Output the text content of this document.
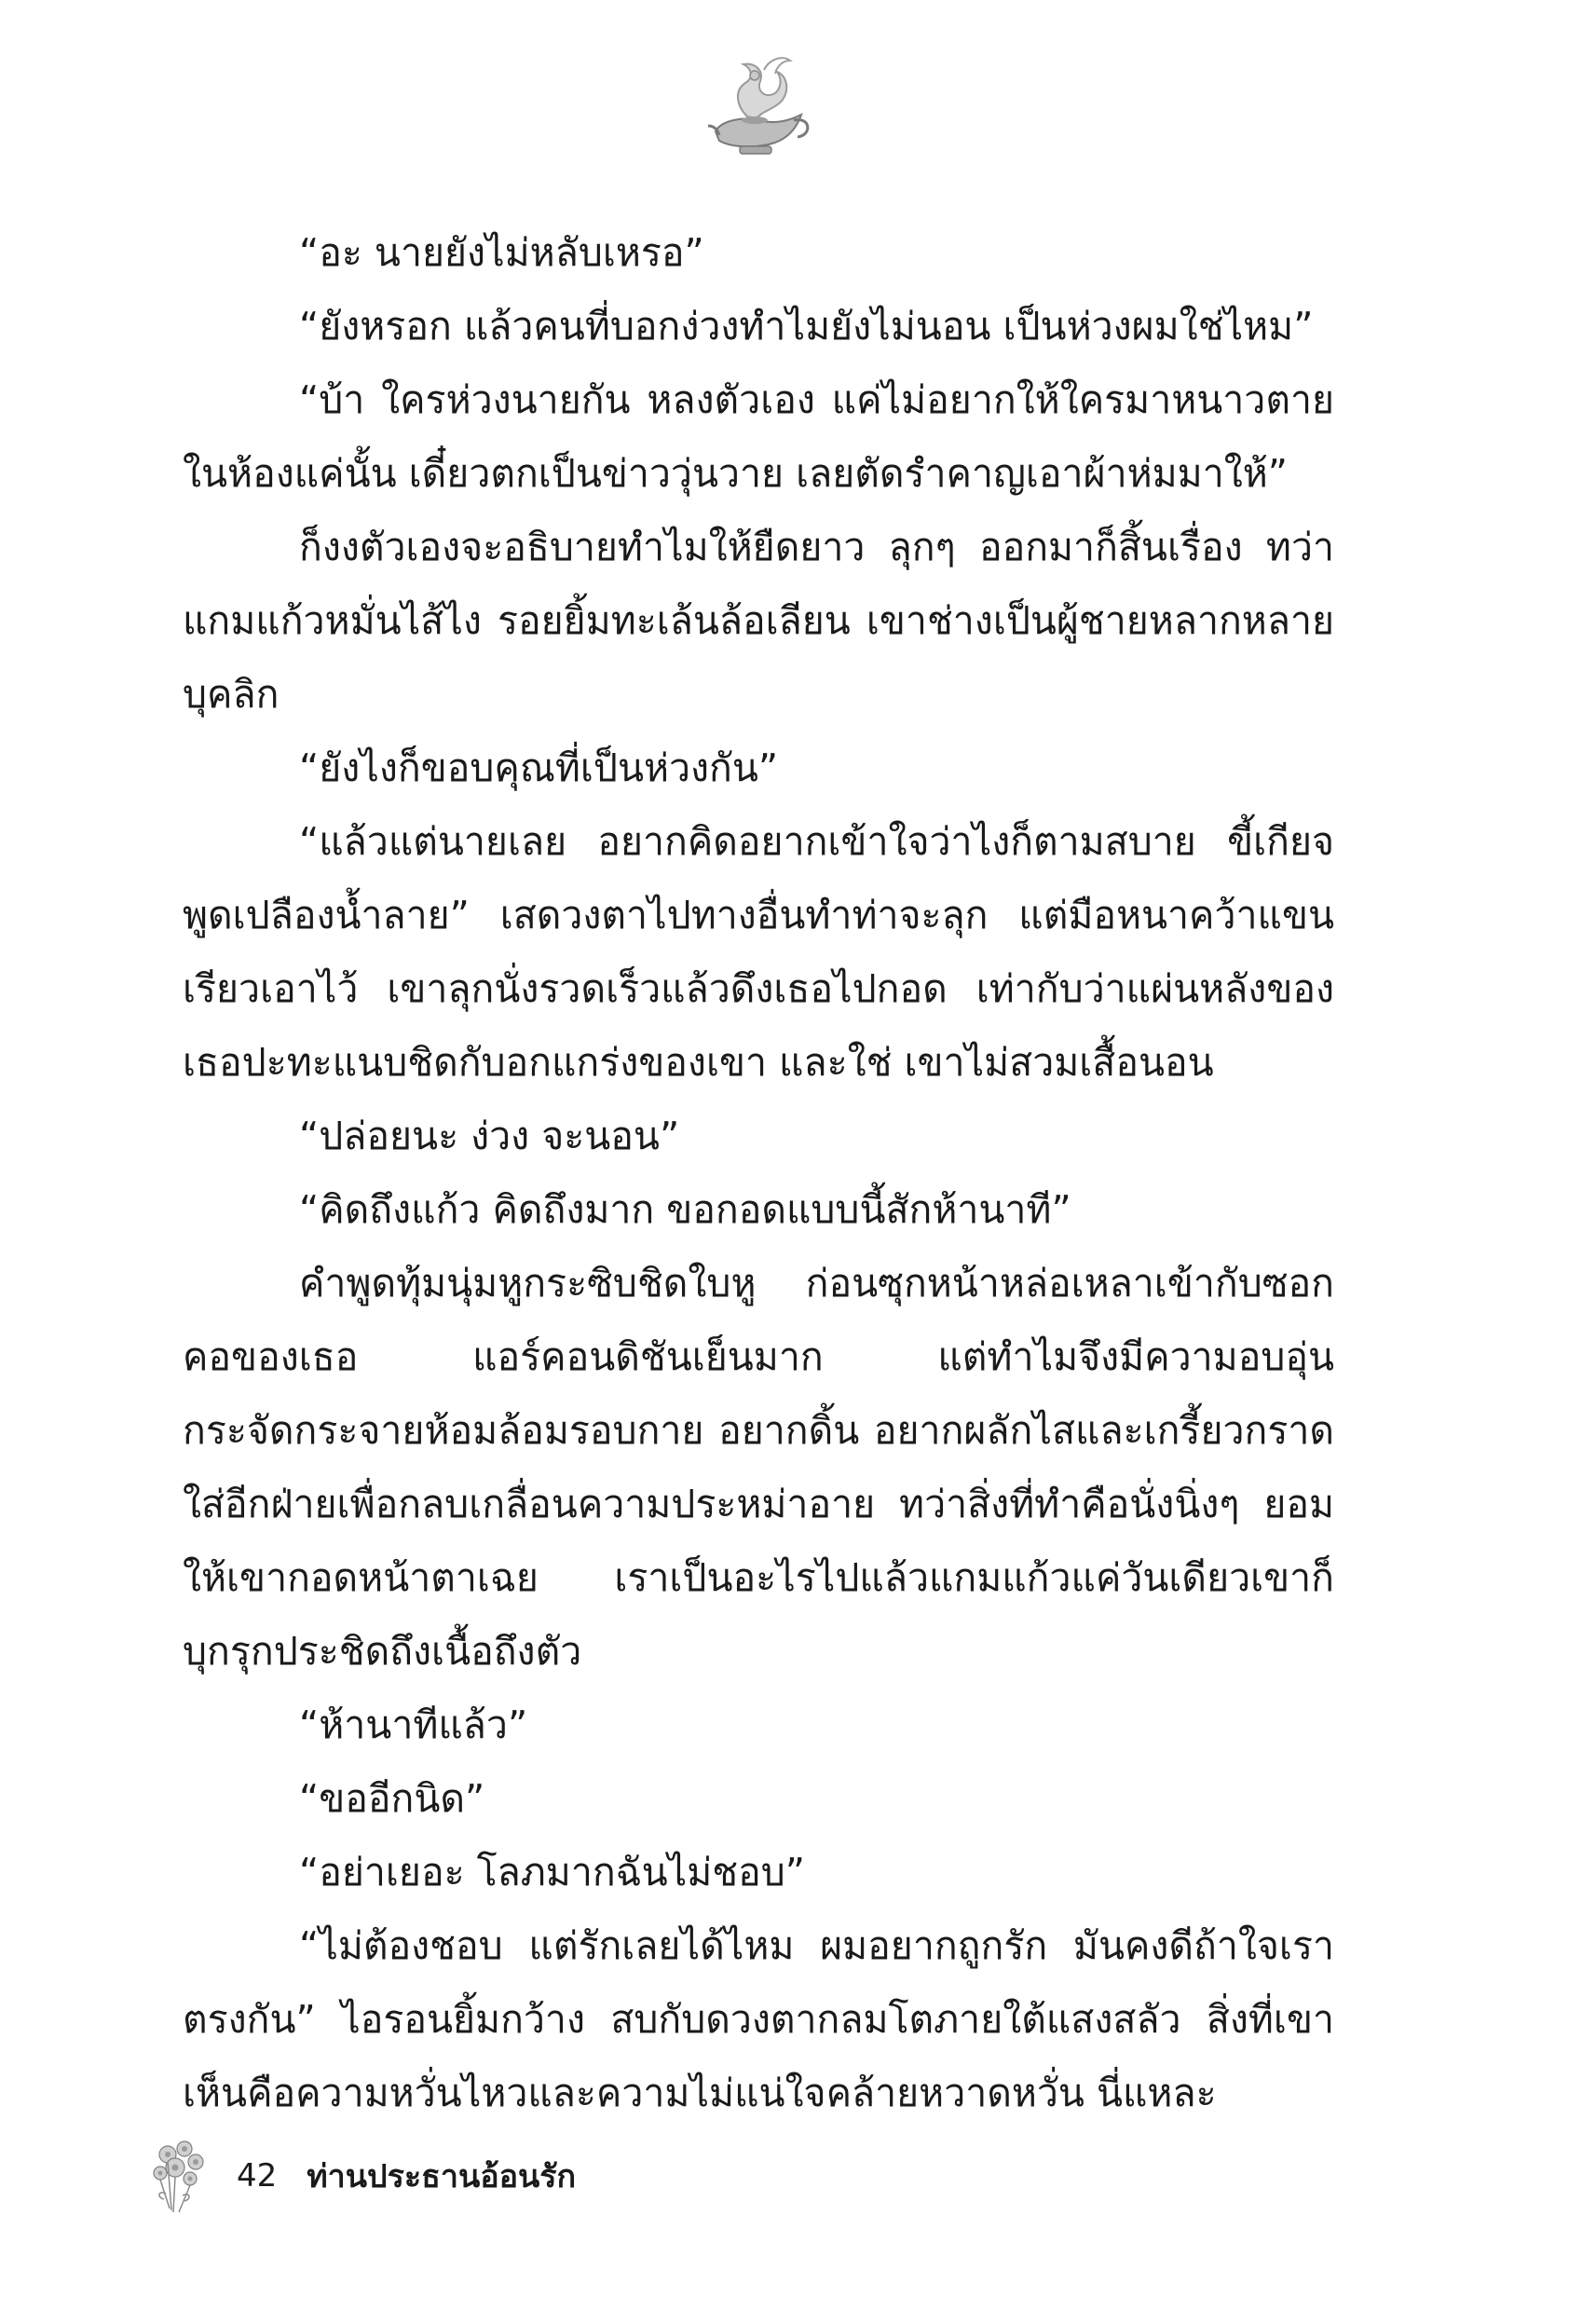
“อะ นายยังไม่หลับเหรอ”

“ยังหรอก แล้วคนที่บอกง่วงทำไมยังไม่นอน เป็นห่วงผมใช่ไหม”

“บ้า ใครห่วงนายกัน หลงตัวเอง แค่ไม่อยากให้ใครมาหนาวตายในห้องแค่นั้น เดี๋ยวตกเป็นข่าววุ่นวาย เลยตัดรำคาญเอาผ้าห่มมาให้”

ก็งงตัวเองจะอธิบายทำไมให้ยืดยาว ลุกๆ ออกมาก็สิ้นเรื่อง ทว่าแกมแก้วหมั่นไส้ไง รอยยิ้มทะเล้นล้อเลียน เขาช่างเป็นผู้ชายหลากหลายบุคลิก

“ยังไงก็ขอบคุณที่เป็นห่วงกัน”

“แล้วแต่นายเลย อยากคิดอยากเข้าใจว่าไงก็ตามสบาย ขี้เกียจพูดเปลืองน้ำลาย” เสดวงตาไปทางอื่นทำท่าจะลุก แต่มือหนาคว้าแขนเรียวเอาไว้ เขาลุกนั่งรวดเร็วแล้วดึงเธอไปกอด เท่ากับว่าแผ่นหลังของเธอปะทะแนบชิดกับอกแกร่งของเขา และใช่ เขาไม่สวมเสื้อนอน

“ปล่อยนะ ง่วง จะนอน”

“คิดถึงแก้ว คิดถึงมาก ขอกอดแบบนี้สักห้านาที”

คำพูดทุ้มนุ่มหูกระซิบชิดใบหู ก่อนซุกหน้าหล่อเหลาเข้ากับซอกคอของเธอ แอร์คอนดิชันเย็นมาก แต่ทำไมจึงมีความอบอุ่นกระจัดกระจายห้อมล้อมรอบกาย อยากดิ้น อยากผลักไสและเกรี้ยวกราดใส่อีกฝ่ายเพื่อกลบเกลื่อนความประหม่าอาย ทว่าสิ่งที่ทำคือนั่งนิ่งๆ ยอมให้เขากอดหน้าตาเฉย เราเป็นอะไรไปแล้วแกมแก้วแค่วันเดียวเขาก็บุกรุกประชิดถึงเนื้อถึงตัว

“ห้านาทีแล้ว”

“ขออีกนิด”

“อย่าเยอะ โลภมากฉันไม่ชอบ”

“ไม่ต้องชอบ แต่รักเลยได้ไหม ผมอยากถูกรัก มันคงดีถ้าใจเราตรงกัน” ไอรอนยิ้มกว้าง สบกับดวงตากลมโตภายใต้แสงสลัว สิ่งที่เขาเห็นคือความหวั่นไหวและความไม่แน่ใจคล้ายหวาดหวั่น นี่แหละ

42 ท่านประธานอ้อนรัก
